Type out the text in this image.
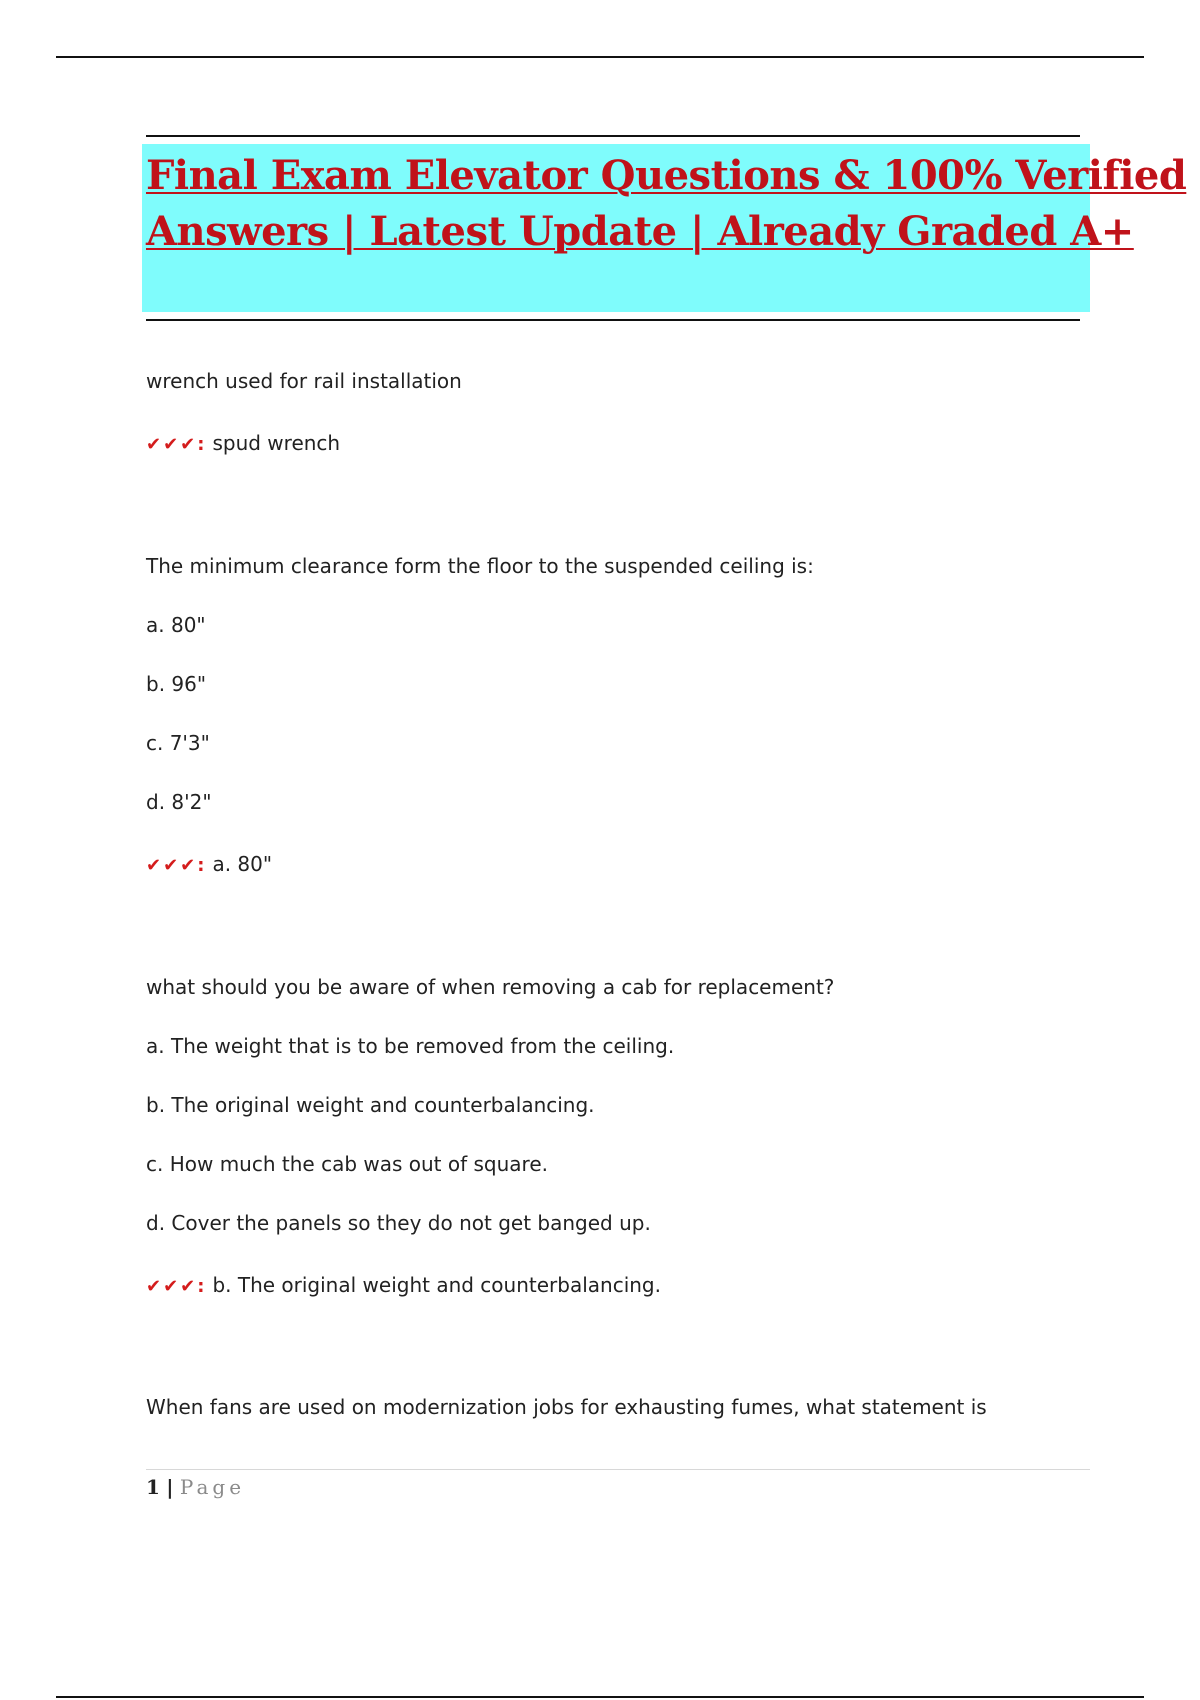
Final Exam Elevator Questions & 100% Verified
Answers | Latest Update | Already Graded A+
wrench used for rail installation
✔✔✔: spud wrench
The minimum clearance form the floor to the suspended ceiling is:
a. 80"
b. 96"
c. 7'3"
d. 8'2"
✔✔✔: a. 80"
what should you be aware of when removing a cab for replacement?
a. The weight that is to be removed from the ceiling.
b. The original weight and counterbalancing.
c. How much the cab was out of square.
d. Cover the panels so they do not get banged up.
✔✔✔: b. The original weight and counterbalancing.
When fans are used on modernization jobs for exhausting fumes, what statement is
1 | Page
